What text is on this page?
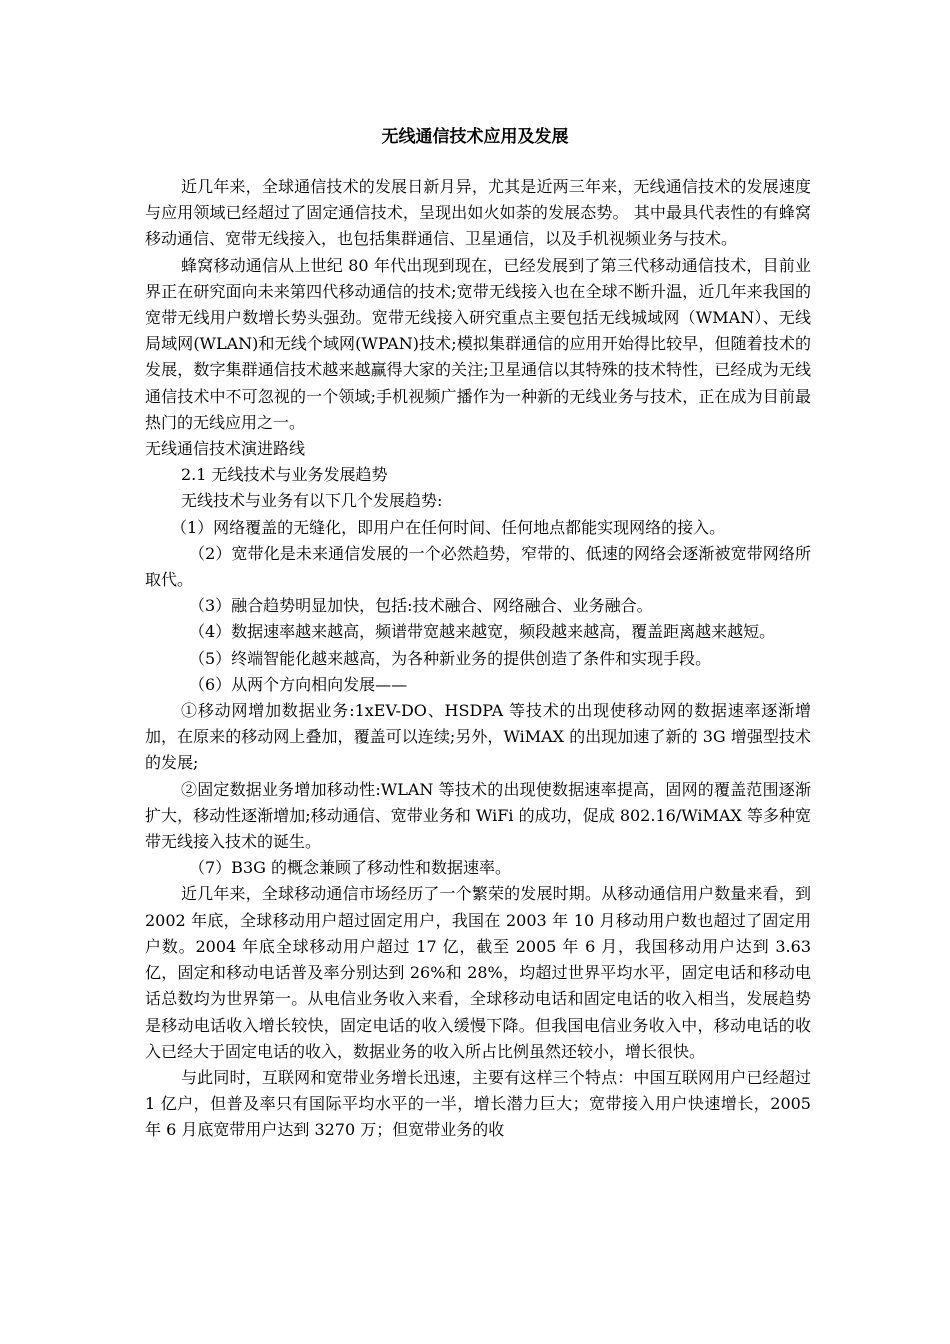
无线通信技术应用及发展

近几年来，全球通信技术的发展日新月异，尤其是近两三年来，无线通信技术的发展速度与应用领域已经超过了固定通信技术，呈现出如火如荼的发展态势。 其中最具代表性的有蜂窝移动通信、宽带无线接入，也包括集群通信、卫星通信，以及手机视频业务与技术。

蜂窝移动通信从上世纪 80 年代出现到现在，已经发展到了第三代移动通信技术，目前业界正在研究面向未来第四代移动通信的技术;宽带无线接入也在全球不断升温，近几年来我国的宽带无线用户数增长势头强劲。宽带无线接入研究重点主要包括无线城域网（WMAN）、无线局域网(WLAN)和无线个域网(WPAN)技术;模拟集群通信的应用开始得比较早，但随着技术的发展，数字集群通信技术越来越赢得大家的关注;卫星通信以其特殊的技术特性，已经成为无线通信技术中不可忽视的一个领域;手机视频广播作为一种新的无线业务与技术，正在成为目前最热门的无线应用之一。

无线通信技术演进路线

2.1 无线技术与业务发展趋势

无线技术与业务有以下几个发展趋势:

（1）网络覆盖的无缝化，即用户在任何时间、任何地点都能实现网络的接入。

（2）宽带化是未来通信发展的一个必然趋势，窄带的、低速的网络会逐渐被宽带网络所取代。

（3）融合趋势明显加快，包括:技术融合、网络融合、业务融合。

（4）数据速率越来越高，频谱带宽越来越宽，频段越来越高，覆盖距离越来越短。

（5）终端智能化越来越高，为各种新业务的提供创造了条件和实现手段。

（6）从两个方向相向发展——

①移动网增加数据业务:1xEV-DO、HSDPA 等技术的出现使移动网的数据速率逐渐增加，在原来的移动网上叠加，覆盖可以连续;另外，WiMAX 的出现加速了新的 3G 增强型技术的发展;

②固定数据业务增加移动性:WLAN 等技术的出现使数据速率提高，固网的覆盖范围逐渐扩大，移动性逐渐增加;移动通信、宽带业务和 WiFi 的成功，促成 802.16/WiMAX 等多种宽带无线接入技术的诞生。

（7）B3G 的概念兼顾了移动性和数据速率。

近几年来，全球移动通信市场经历了一个繁荣的发展时期。从移动通信用户数量来看，到 2002 年底，全球移动用户超过固定用户，我国在 2003 年 10 月移动用户数也超过了固定用户数。2004 年底全球移动用户超过 17 亿，截至 2005 年 6 月，我国移动用户达到 3.63 亿，固定和移动电话普及率分别达到 26%和 28%，均超过世界平均水平，固定电话和移动电话总数均为世界第一。从电信业务收入来看，全球移动电话和固定电话的收入相当，发展趋势是移动电话收入增长较快，固定电话的收入缓慢下降。但我国电信业务收入中，移动电话的收入已经大于固定电话的收入，数据业务的收入所占比例虽然还较小，增长很快。

与此同时，互联网和宽带业务增长迅速，主要有这样三个特点：中国互联网用户已经超过 1 亿户，但普及率只有国际平均水平的一半，增长潜力巨大；宽带接入用户快速增长，2005 年 6 月底宽带用户达到 3270 万；但宽带业务的收
